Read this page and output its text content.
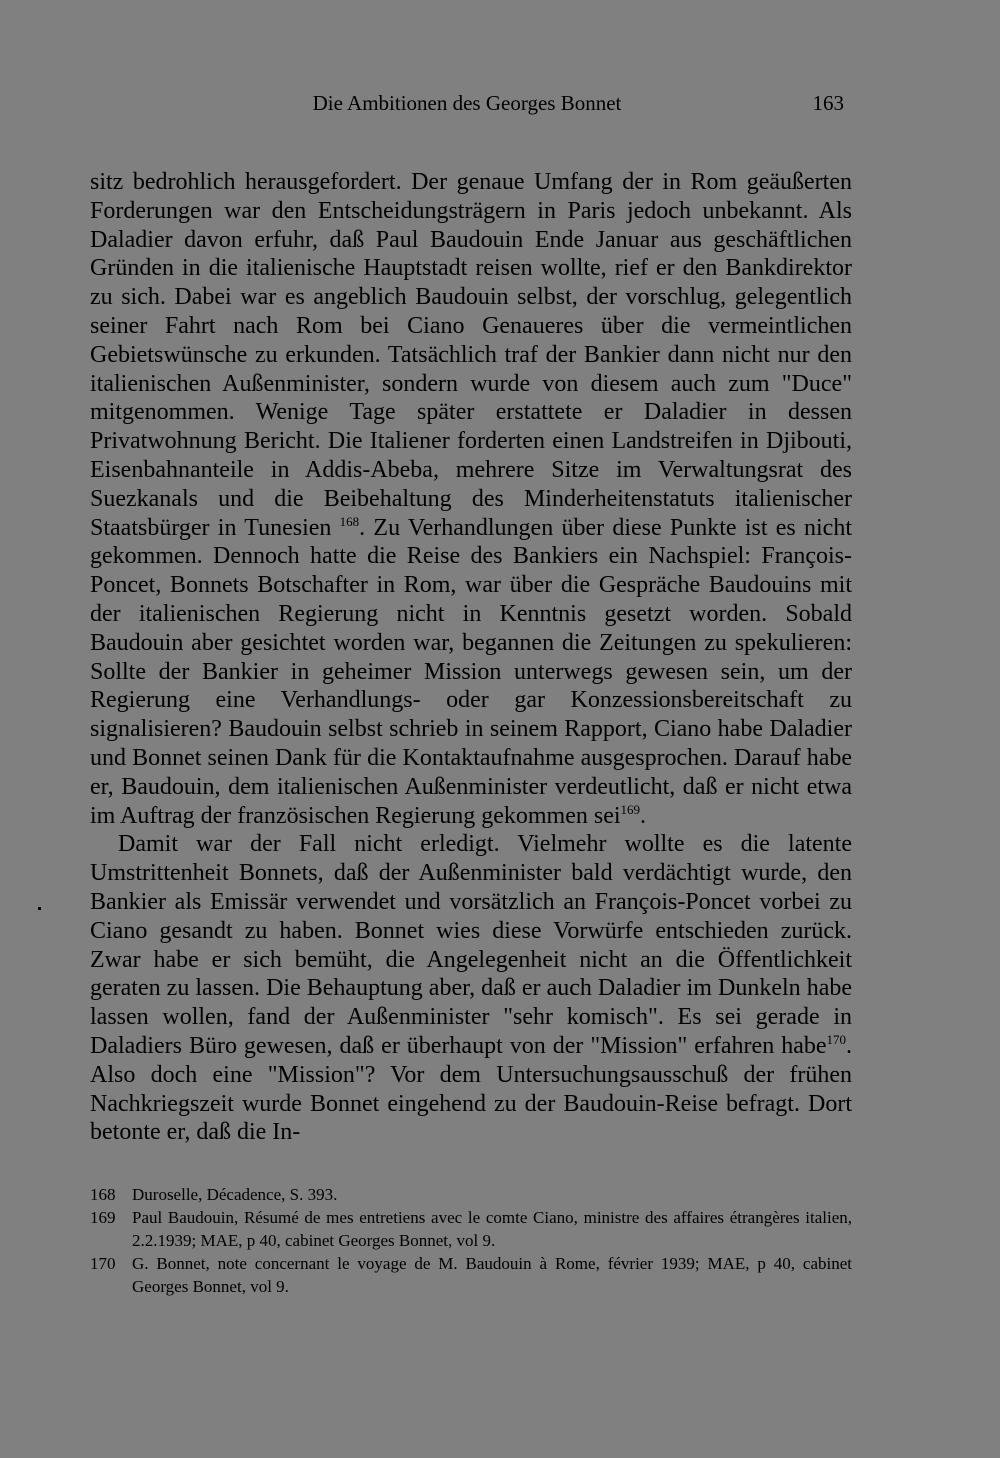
Die Ambitionen des Georges Bonnet	163

sitz bedrohlich herausgefordert. Der genaue Umfang der in Rom geäußerten Forderungen war den Entscheidungsträgern in Paris jedoch unbekannt. Als Daladier davon erfuhr, daß Paul Baudouin Ende Januar aus geschäftlichen Gründen in die italienische Hauptstadt reisen wollte, rief er den Bankdirektor zu sich. Dabei war es angeblich Baudouin selbst, der vorschlug, gelegentlich seiner Fahrt nach Rom bei Ciano Genaueres über die vermeintlichen Gebietswünsche zu erkunden. Tatsächlich traf der Bankier dann nicht nur den italienischen Außenminister, sondern wurde von diesem auch zum "Duce" mitgenommen. Wenige Tage später erstattete er Daladier in dessen Privatwohnung Bericht. Die Italiener forderten einen Landstreifen in Djibouti, Eisenbahnanteile in Addis-Abeba, mehrere Sitze im Verwaltungsrat des Suezkanals und die Beibehaltung des Minderheitenstatuts italienischer Staatsbürger in Tunesien $^{168}$. Zu Verhandlungen über diese Punkte ist es nicht gekommen. Dennoch hatte die Reise des Bankiers ein Nachspiel: François-Poncet, Bonnets Botschafter in Rom, war über die Gespräche Baudouins mit der italienischen Regierung nicht in Kenntnis gesetzt worden. Sobald Baudouin aber gesichtet worden war, begannen die Zeitungen zu spekulieren: Sollte der Bankier in geheimer Mission unterwegs gewesen sein, um der Regierung eine Verhandlungs- oder gar Konzessionsbereitschaft zu signalisieren? Baudouin selbst schrieb in seinem Rapport, Ciano habe Daladier und Bonnet seinen Dank für die Kontaktaufnahme ausgesprochen. Darauf habe er, Baudouin, dem italienischen Außenminister verdeutlicht, daß er nicht etwa im Auftrag der französischen Regierung gekommen sei$^{169}$.

Damit war der Fall nicht erledigt. Vielmehr wollte es die latente Umstrittenheit Bonnets, daß der Außenminister bald verdächtigt wurde, den Bankier als Emissär verwendet und vorsätzlich an François-Poncet vorbei zu Ciano gesandt zu haben. Bonnet wies diese Vorwürfe entschieden zurück. Zwar habe er sich bemüht, die Angelegenheit nicht an die Öffentlichkeit geraten zu lassen. Die Behauptung aber, daß er auch Daladier im Dunkeln habe lassen wollen, fand der Außenminister "sehr komisch". Es sei gerade in Daladiers Büro gewesen, daß er überhaupt von der "Mission" erfahren habe$^{170}$. Also doch eine "Mission"? Vor dem Untersuchungsausschuß der frühen Nachkriegszeit wurde Bonnet eingehend zu der Baudouin-Reise befragt. Dort betonte er, daß die In-

168 Duroselle, Décadence, S. 393.
169 Paul Baudouin, Résumé de mes entretiens avec le comte Ciano, ministre des affaires étrangères italien, 2.2.1939; MAE, p 40, cabinet Georges Bonnet, vol 9.
170 G. Bonnet, note concernant le voyage de M. Baudouin à Rome, février 1939; MAE, p 40, cabinet Georges Bonnet, vol 9.
